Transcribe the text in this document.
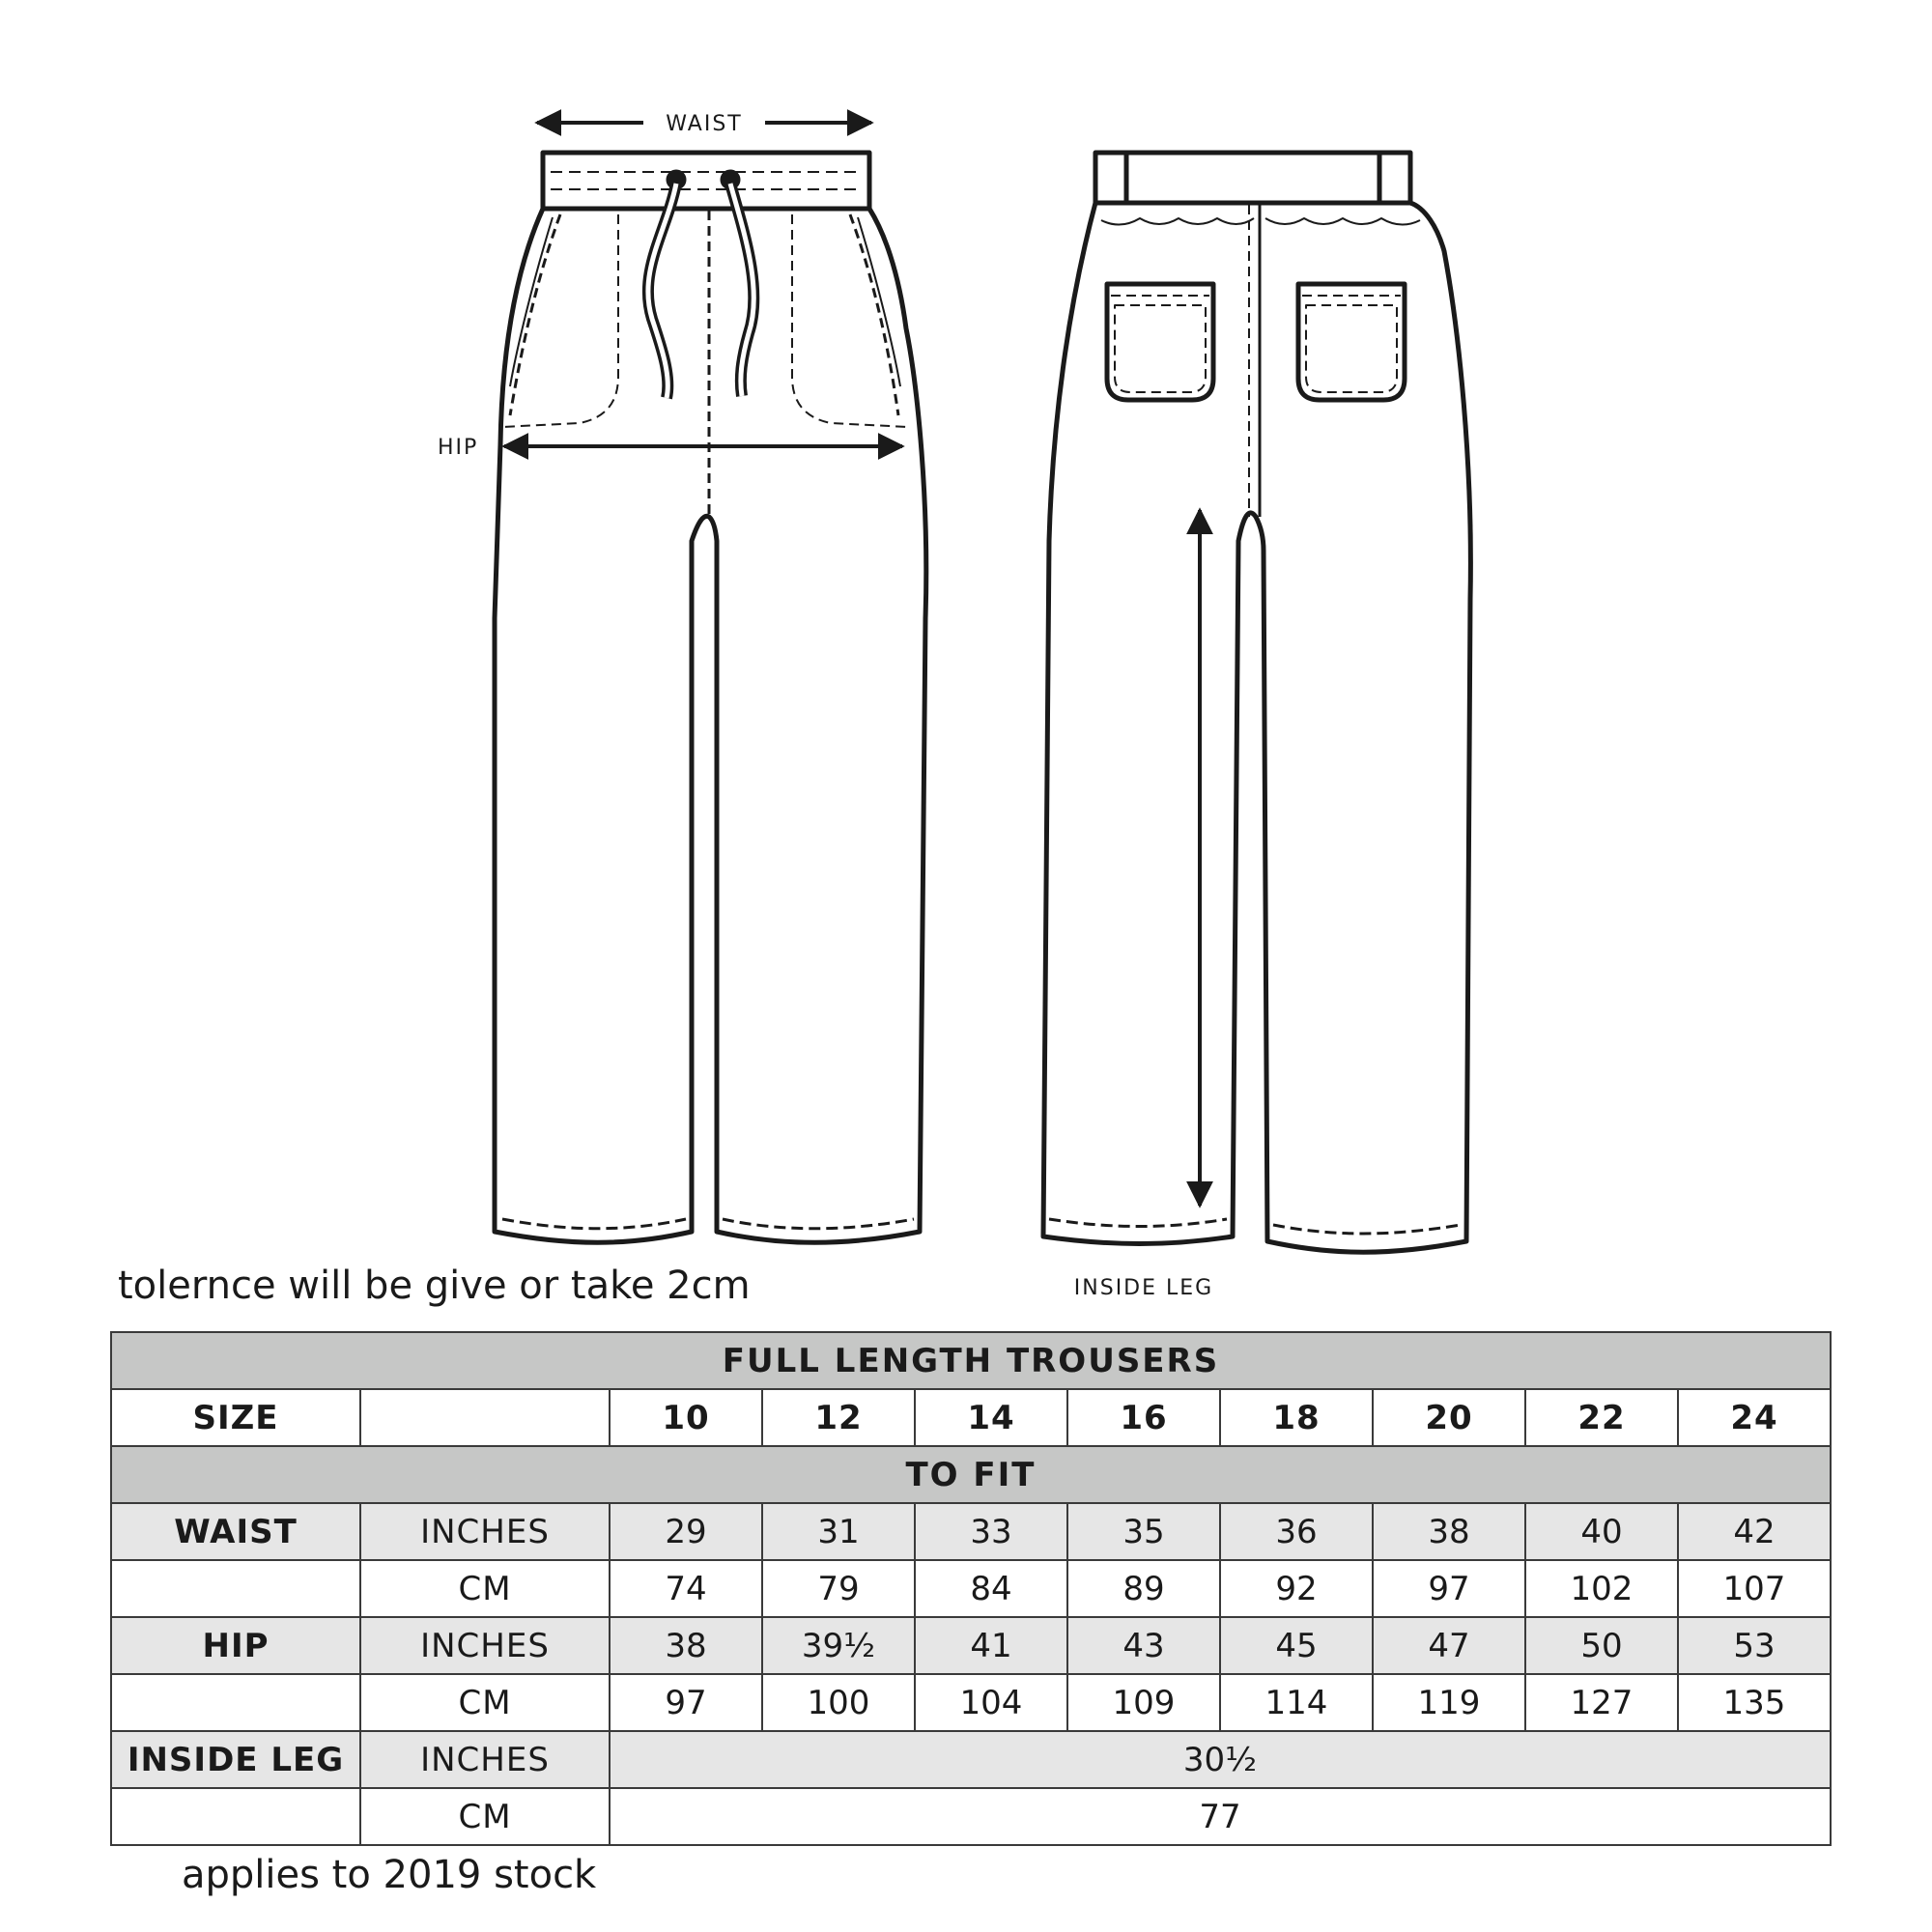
WAIST
HIP
INSIDE LEG
tolernce will be give or take 2cm
FULL LENGTH TROUSERS									
SIZE		10	12	14	16	18	20	22	24
TO FIT									
WAIST	INCHES	29	31	33	35	36	38	40	42
	CM	74	79	84	89	92	97	102	107
HIP	INCHES	38	39½	41	43	45	47	50	53
	CM	97	100	104	109	114	119	127	135
INSIDE LEG	INCHES	30½							
	CM	77							
applies to 2019 stock
